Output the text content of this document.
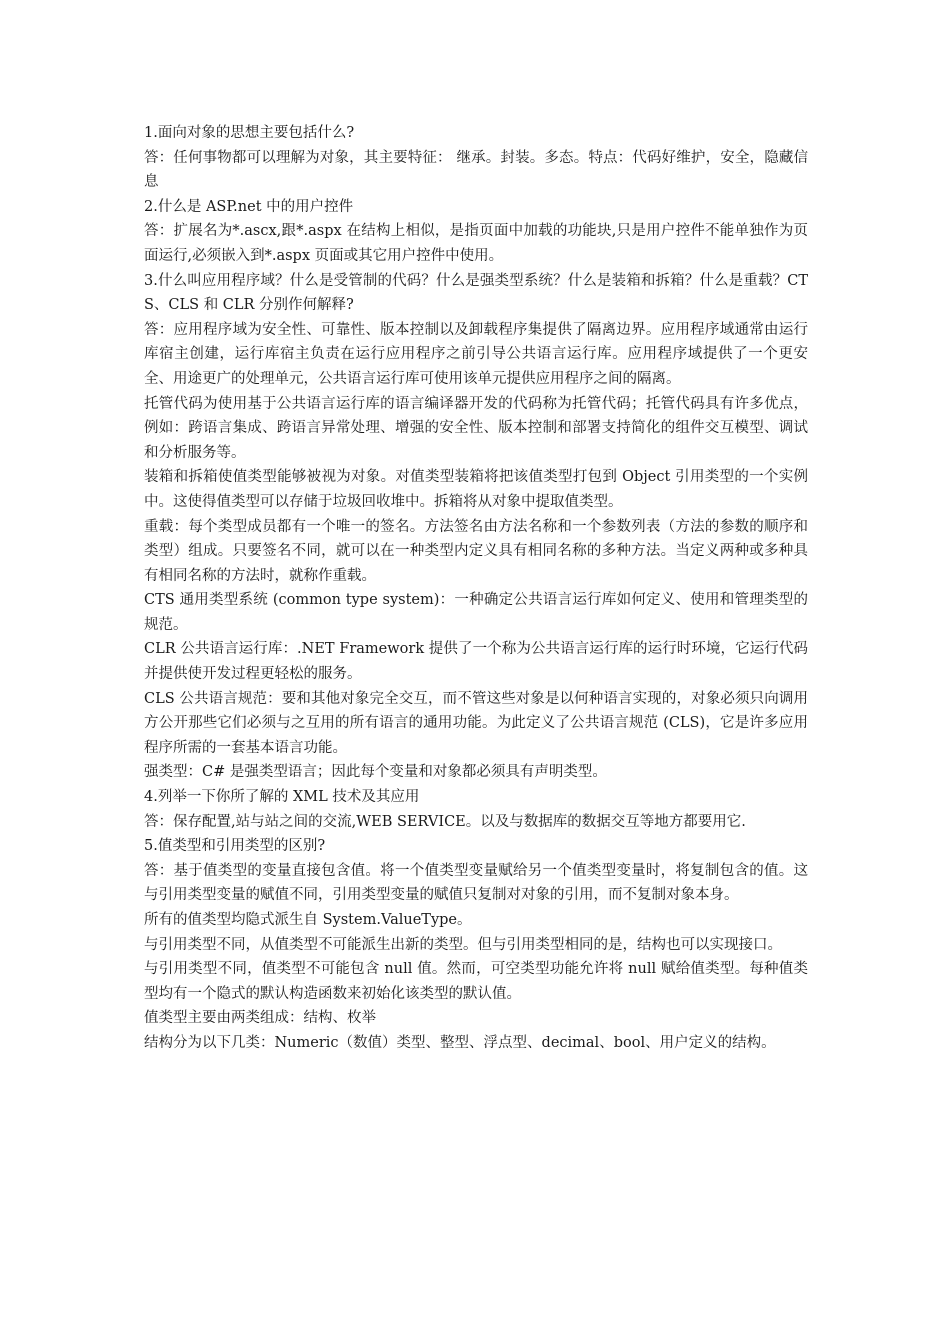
1.面向对象的思想主要包括什么?

答：任何事物都可以理解为对象，其主要特征： 继承。封装。多态。特点：代码好维护，安全，隐藏信息

2.什么是 ASP.net 中的用户控件

答：扩展名为*.ascx,跟*.aspx 在结构上相似，是指页面中加载的功能块,只是用户控件不能单独作为页面运行,必须嵌入到*.aspx 页面或其它用户控件中使用。

3.什么叫应用程序域？什么是受管制的代码？什么是强类型系统？什么是装箱和拆箱？什么是重载？CTS、CLS 和 CLR 分别作何解释?

答：应用程序域为安全性、可靠性、版本控制以及卸载程序集提供了隔离边界。应用程序域通常由运行库宿主创建，运行库宿主负责在运行应用程序之前引导公共语言运行库。应用程序域提供了一个更安全、用途更广的处理单元，公共语言运行库可使用该单元提供应用程序之间的隔离。

托管代码为使用基于公共语言运行库的语言编译器开发的代码称为托管代码；托管代码具有许多优点，例如：跨语言集成、跨语言异常处理、增强的安全性、版本控制和部署支持简化的组件交互模型、调试和分析服务等。

装箱和拆箱使值类型能够被视为对象。对值类型装箱将把该值类型打包到 Object 引用类型的一个实例中。这使得值类型可以存储于垃圾回收堆中。拆箱将从对象中提取值类型。

重载：每个类型成员都有一个唯一的签名。方法签名由方法名称和一个参数列表（方法的参数的顺序和类型）组成。只要签名不同，就可以在一种类型内定义具有相同名称的多种方法。当定义两种或多种具有相同名称的方法时，就称作重载。

CTS 通用类型系统 (common type system)：一种确定公共语言运行库如何定义、使用和管理类型的规范。

CLR 公共语言运行库：.NET Framework 提供了一个称为公共语言运行库的运行时环境，它运行代码并提供使开发过程更轻松的服务。

CLS 公共语言规范：要和其他对象完全交互，而不管这些对象是以何种语言实现的，对象必须只向调用方公开那些它们必须与之互用的所有语言的通用功能。为此定义了公共语言规范 (CLS)，它是许多应用程序所需的一套基本语言功能。

强类型：C# 是强类型语言；因此每个变量和对象都必须具有声明类型。

4.列举一下你所了解的 XML 技术及其应用

答：保存配置,站与站之间的交流,WEB SERVICE。以及与数据库的数据交互等地方都要用它.

5.值类型和引用类型的区别?

答：基于值类型的变量直接包含值。将一个值类型变量赋给另一个值类型变量时，将复制包含的值。这与引用类型变量的赋值不同，引用类型变量的赋值只复制对对象的引用，而不复制对象本身。

所有的值类型均隐式派生自 System.ValueType。

与引用类型不同，从值类型不可能派生出新的类型。但与引用类型相同的是，结构也可以实现接口。

与引用类型不同，值类型不可能包含 null 值。然而，可空类型功能允许将 null 赋给值类型。每种值类型均有一个隐式的默认构造函数来初始化该类型的默认值。

值类型主要由两类组成：结构、枚举

结构分为以下几类：Numeric（数值）类型、整型、浮点型、decimal、bool、用户定义的结构。
